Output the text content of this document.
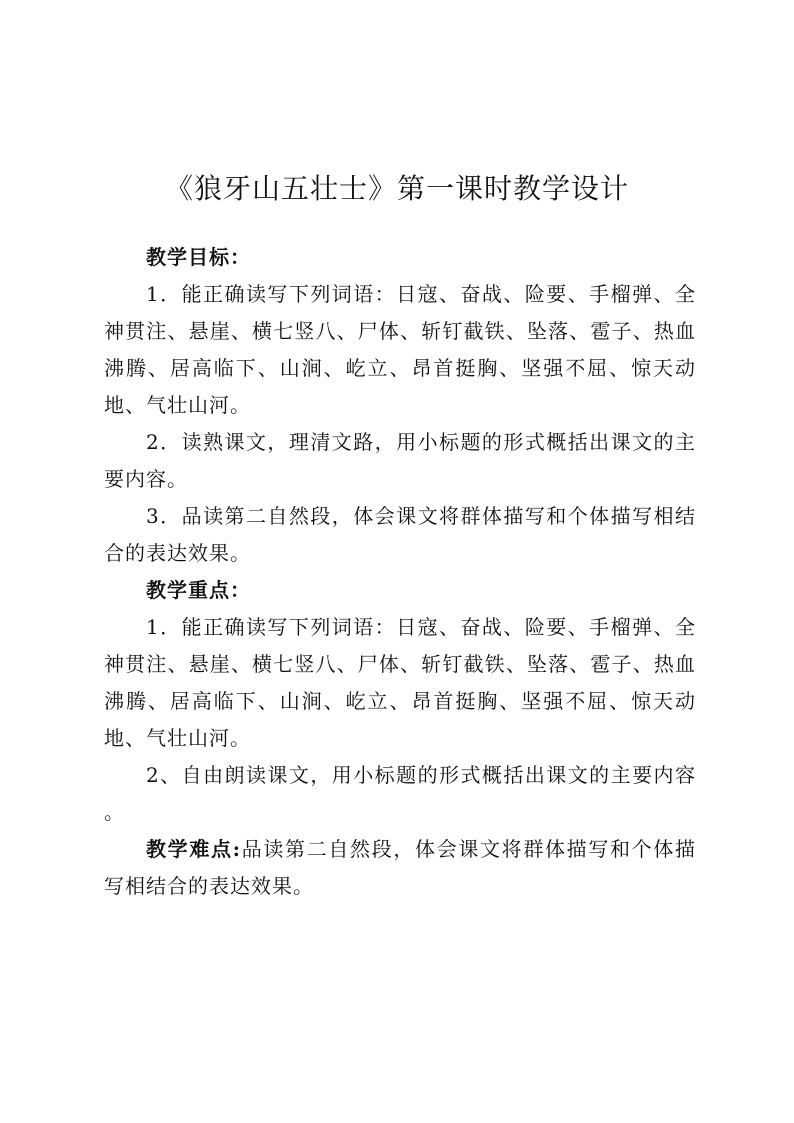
《狼牙山五壮士》第一课时教学设计

教学目标：

1．能正确读写下列词语：日寇、奋战、险要、手榴弹、全神贯注、悬崖、横七竖八、尸体、斩钉截铁、坠落、雹子、热血沸腾、居高临下、山涧、屹立、昂首挺胸、坚强不屈、惊天动地、气壮山河。

2．读熟课文，理清文路，用小标题的形式概括出课文的主要内容。

3．品读第二自然段，体会课文将群体描写和个体描写相结合的表达效果。

教学重点：

1．能正确读写下列词语：日寇、奋战、险要、手榴弹、全神贯注、悬崖、横七竖八、尸体、斩钉截铁、坠落、雹子、热血沸腾、居高临下、山涧、屹立、昂首挺胸、坚强不屈、惊天动地、气壮山河。

2、自由朗读课文，用小标题的形式概括出课文的主要内容 。

教学难点:品读第二自然段，体会课文将群体描写和个体描写相结合的表达效果。
